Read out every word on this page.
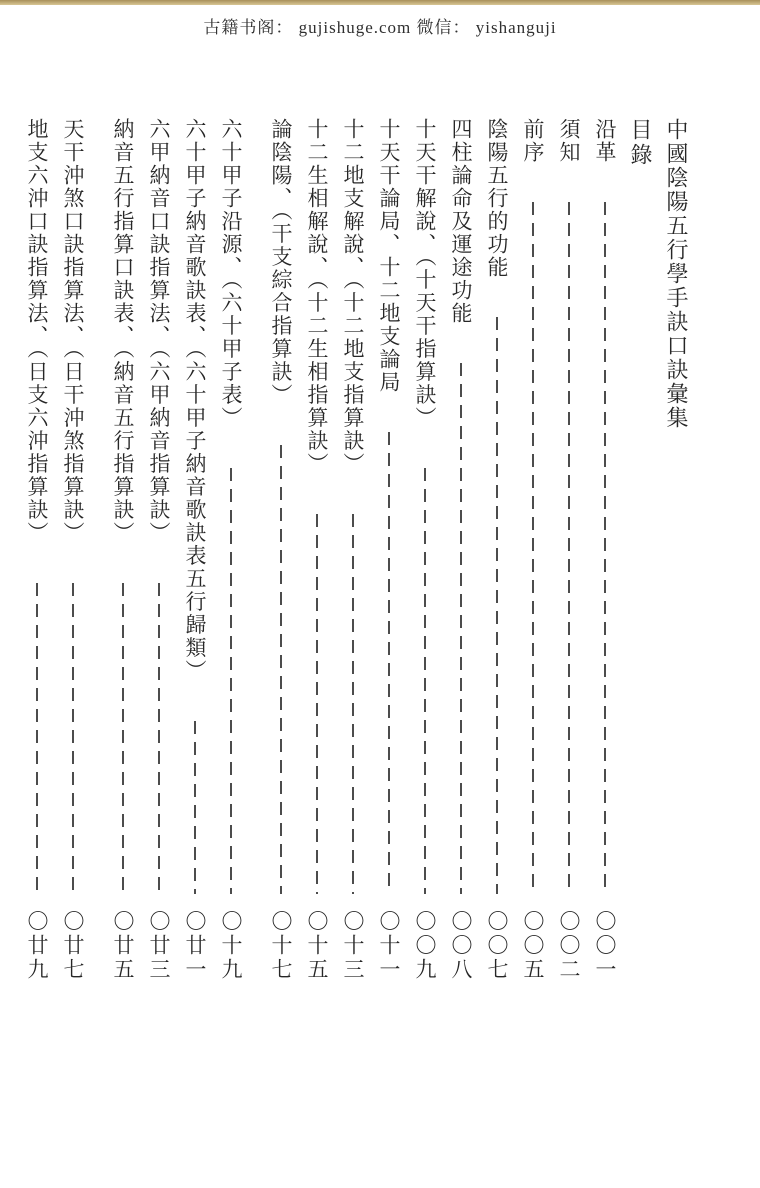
古籍书阁： gujishuge.com 微信： yishanguji
中國陰陽五行學手訣口訣彙集
目錄
沿革
〇〇一
須知
〇〇二
前序
〇〇五
陰陽五行的功能
〇〇七
四柱論命及運途功能
〇〇八
十天干解說、（十天干指算訣）
〇〇九
十天干論局、十二地支論局
〇十一
十二地支解說、（十二地支指算訣）
〇十三
十二生相解說、（十二生相指算訣）
〇十五
論陰陽、（干支綜合指算訣）
〇十七
六十甲子沿源、（六十甲子表）
〇十九
六十甲子納音歌訣表、（六十甲子納音歌訣表五行歸類）
〇廿一
六甲納音口訣指算法、（六甲納音指算訣）
〇廿三
納音五行指算口訣表、（納音五行指算訣）
〇廿五
天干沖煞口訣指算法、（日干沖煞指算訣）
〇廿七
地支六沖口訣指算法、（日支六沖指算訣）
〇廿九
